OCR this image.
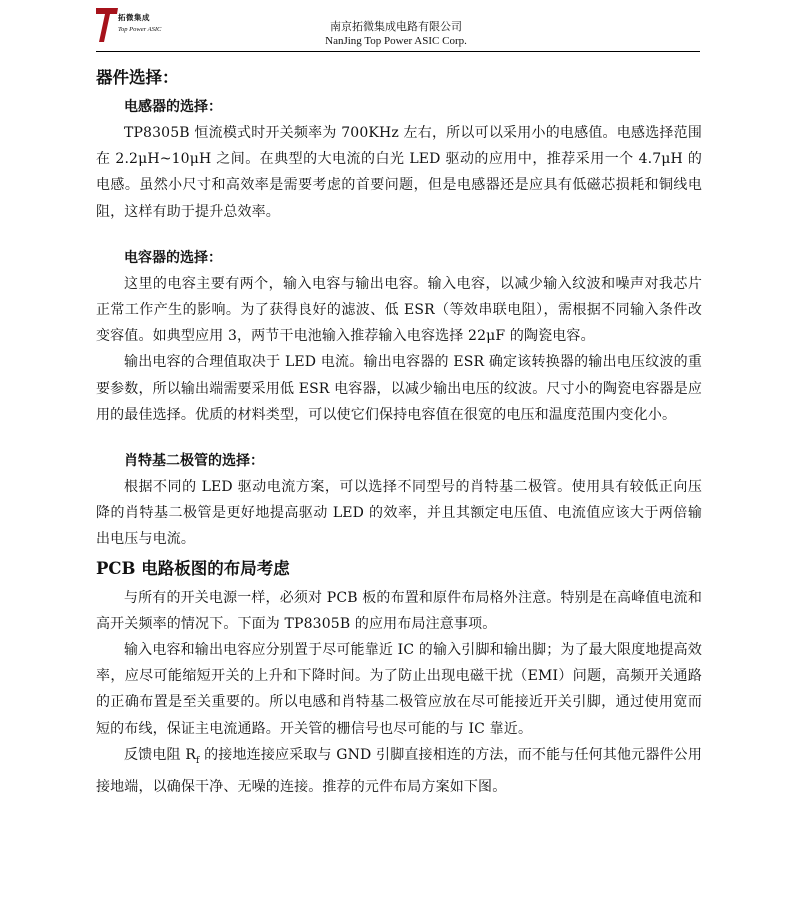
拓微集成
Top Power ASIC	南京拓微集成电路有限公司
NanJing Top Power ASIC Corp.
器件选择：
电感器的选择：

TP8305B 恒流模式时开关频率为 700KHz 左右，所以可以采用小的电感值。电感选择范围在 2.2μH~10μH 之间。在典型的大电流的白光 LED 驱动的应用中，推荐采用一个 4.7μH 的电感。虽然小尺寸和高效率是需要考虑的首要问题，但是电感器还是应具有低磁芯损耗和铜线电阻，这样有助于提升总效率。

电容器的选择：

这里的电容主要有两个，输入电容与输出电容。输入电容，以减少输入纹波和噪声对我芯片正常工作产生的影响。为了获得良好的滤波、低 ESR（等效串联电阻），需根据不同输入条件改变容值。如典型应用 3，两节干电池输入推荐输入电容选择 22μF 的陶瓷电容。

输出电容的合理值取决于 LED 电流。输出电容器的 ESR 确定该转换器的输出电压纹波的重要参数，所以输出端需要采用低 ESR 电容器，以减少输出电压的纹波。尺寸小的陶瓷电容器是应用的最佳选择。优质的材料类型，可以使它们保持电容值在很宽的电压和温度范围内变化小。

肖特基二极管的选择：

根据不同的 LED 驱动电流方案，可以选择不同型号的肖特基二极管。使用具有较低正向压降的肖特基二极管是更好地提高驱动 LED 的效率，并且其额定电压值、电流值应该大于两倍输出电压与电流。

PCB 电路板图的布局考虑

与所有的开关电源一样，必须对 PCB 板的布置和原件布局格外注意。特别是在高峰值电流和高开关频率的情况下。下面为 TP8305B 的应用布局注意事项。

输入电容和输出电容应分别置于尽可能靠近 IC 的输入引脚和输出脚；为了最大限度地提高效率，应尽可能缩短开关的上升和下降时间。为了防止出现电磁干扰（EMI）问题，高频开关通路的正确布置是至关重要的。所以电感和肖特基二极管应放在尽可能接近开关引脚，通过使用宽而短的布线，保证主电流通路。开关管的栅信号也尽可能的与 IC 靠近。

反馈电阻 $R_f$ 的接地连接应采取与 GND 引脚直接相连的方法，而不能与任何其他元器件公用接地端，以确保干净、无噪的连接。推荐的元件布局方案如下图。
